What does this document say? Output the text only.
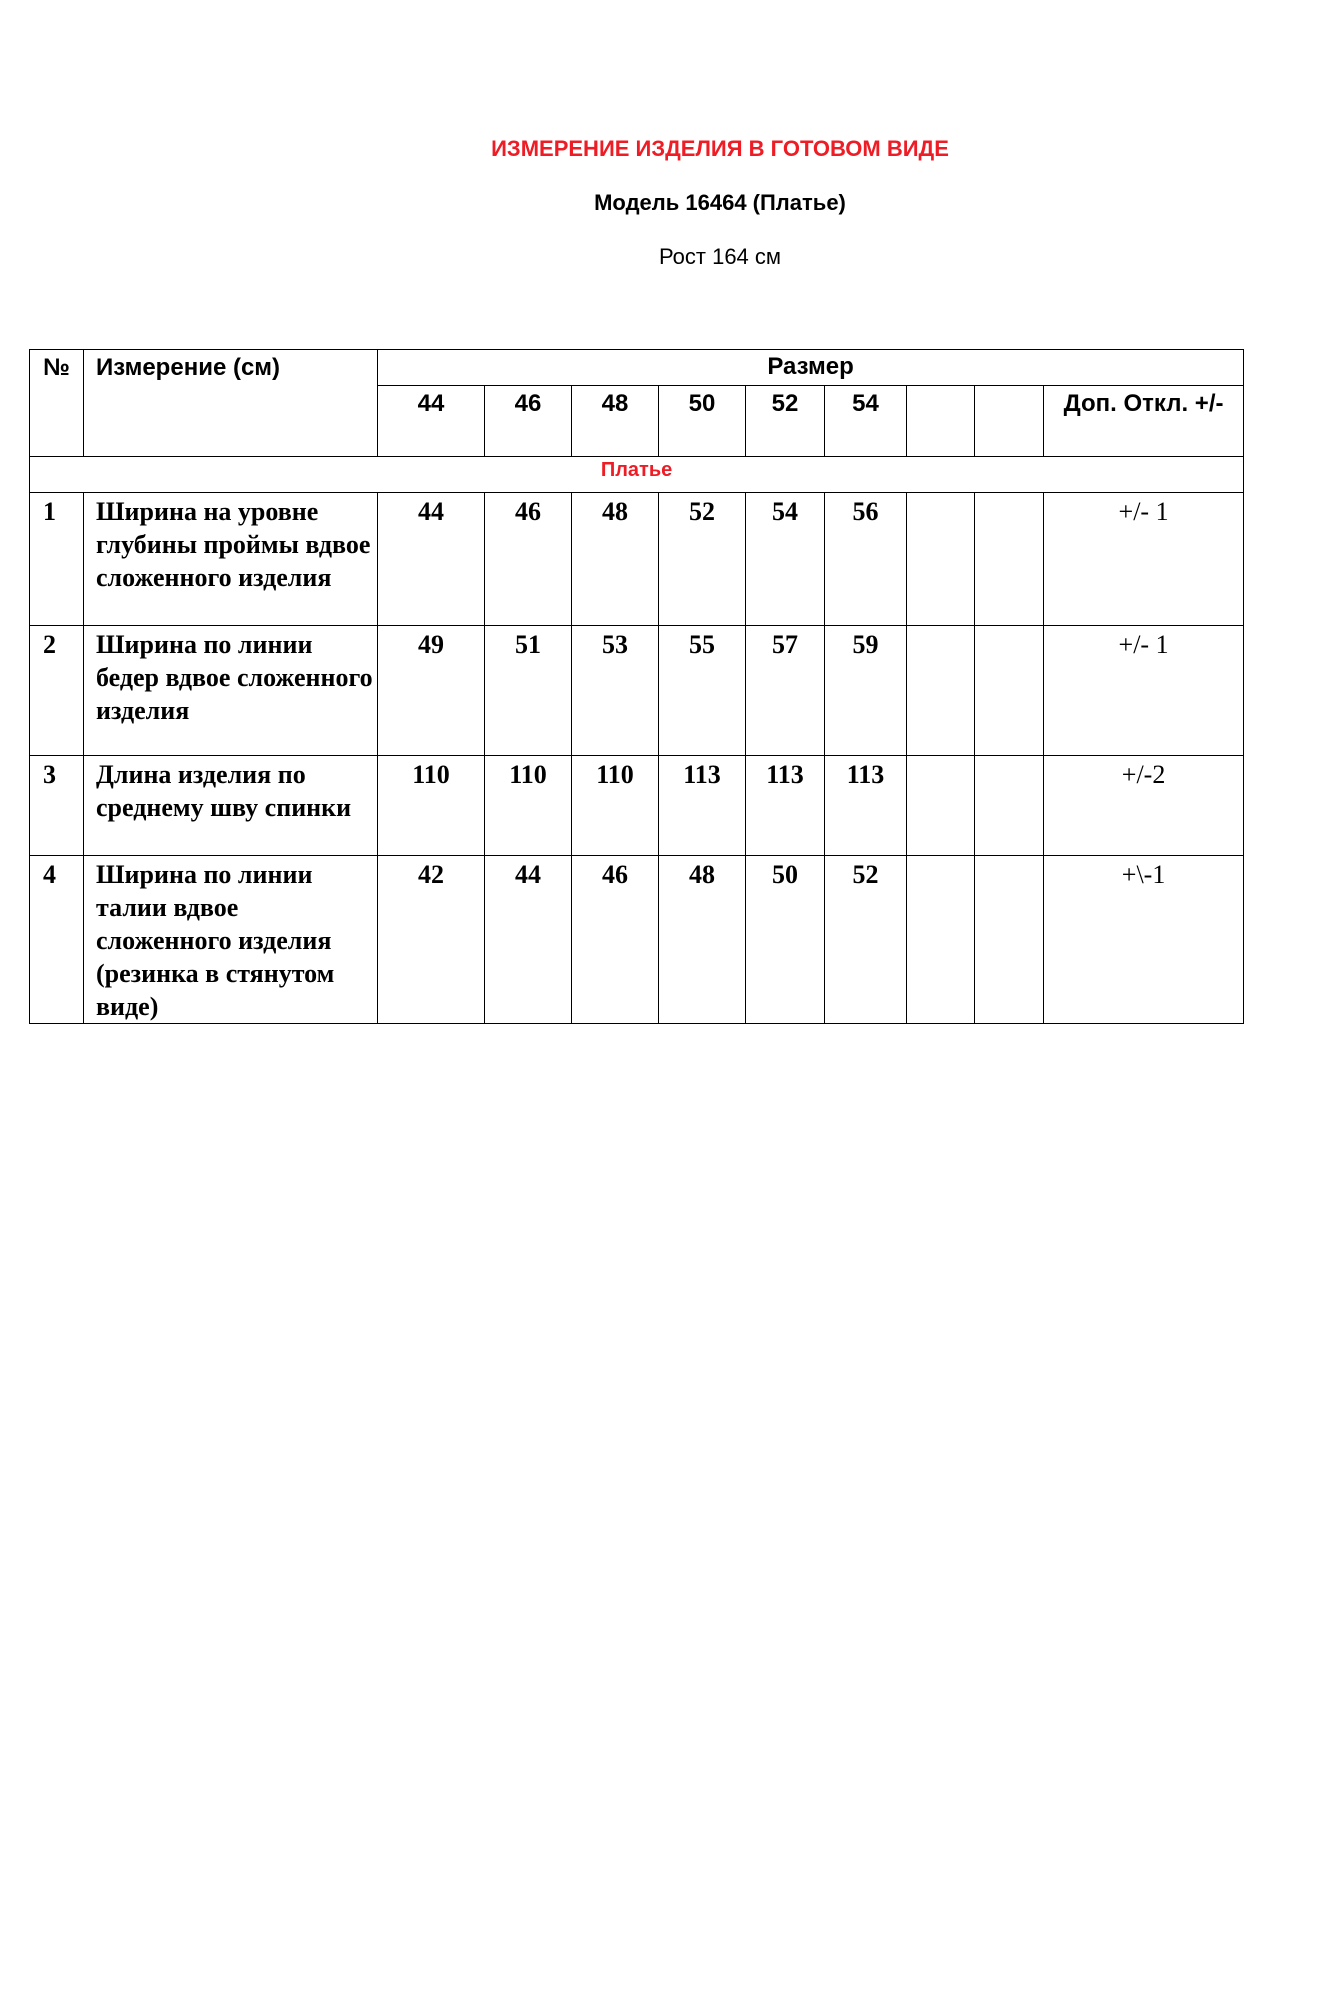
ИЗМЕРЕНИЕ ИЗДЕЛИЯ В ГОТОВОМ ВИДЕ
Модель 16464 (Платье)
Рост 164 см
№	Измерение (см)	Размер								
		44	46	48	50	52	54			Доп. Откл. +/-
Платье										
1	Ширина на уровне глубины проймы вдвое сложенного изделия	44	46	48	52	54	56			+/- 1
2	Ширина по линии бедер вдвое сложенного изделия	49	51	53	55	57	59			+/- 1
3	Длина изделия по среднему шву спинки	110	110	110	113	113	113			+/-2
4	Ширина по линии талии вдвое сложенного изделия (резинка в стянутом виде)	42	44	46	48	50	52			+\-1
